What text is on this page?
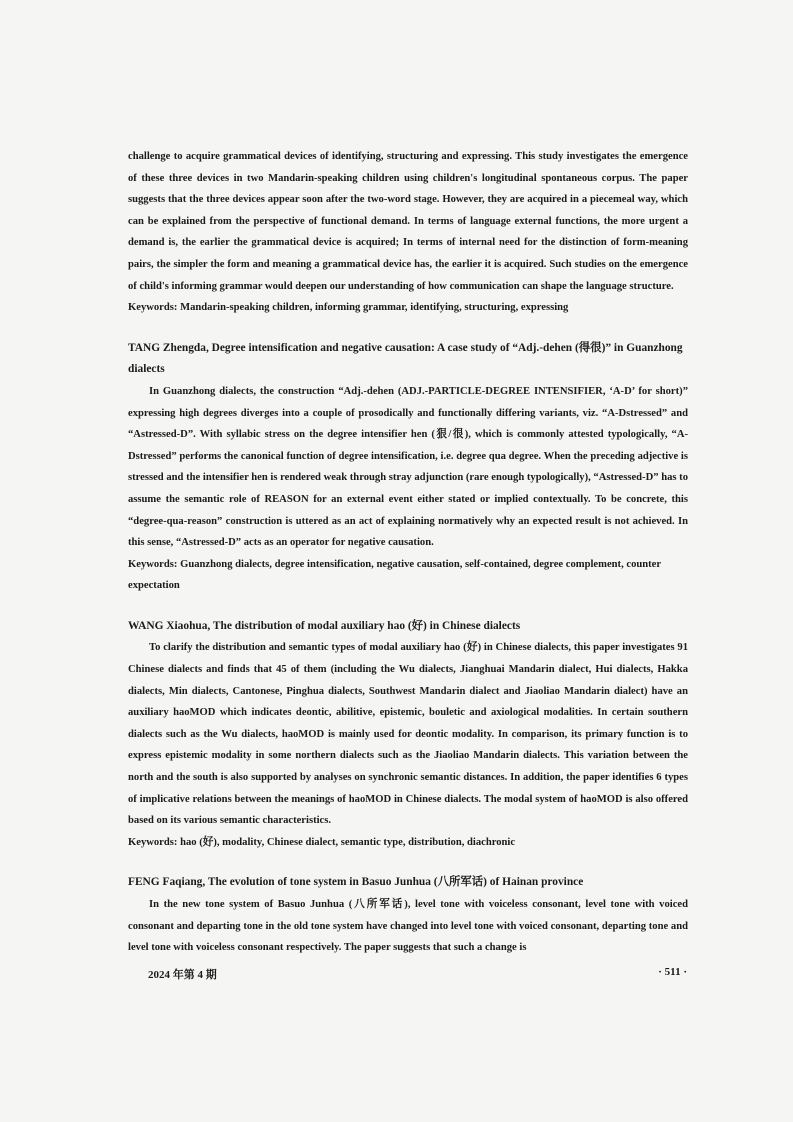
challenge to acquire grammatical devices of identifying, structuring and expressing. This study investigates the emergence of these three devices in two Mandarin-speaking children using children's longitudinal spontaneous corpus. The paper suggests that the three devices appear soon after the two-word stage. However, they are acquired in a piecemeal way, which can be explained from the perspective of functional demand. In terms of language external functions, the more urgent a demand is, the earlier the grammatical device is acquired; In terms of internal need for the distinction of form-meaning pairs, the simpler the form and meaning a grammatical device has, the earlier it is acquired. Such studies on the emergence of child's informing grammar would deepen our understanding of how communication can shape the language structure.

Keywords: Mandarin-speaking children, informing grammar, identifying, structuring, expressing

TANG Zhengda, Degree intensification and negative causation: A case study of “Adj.-dehen (得很)” in Guanzhong dialects

In Guanzhong dialects, the construction “Adj.-dehen (ADJ.-PARTICLE-DEGREE INTENSIFIER, ‘A-D’ for short)” expressing high degrees diverges into a couple of prosodically and functionally differing variants, viz. “A-Dstressed” and “Astressed-D”. With syllabic stress on the degree intensifier hen (狠/很), which is commonly attested typologically, “A-Dstressed” performs the canonical function of degree intensification, i.e. degree qua degree. When the preceding adjective is stressed and the intensifier hen is rendered weak through stray adjunction (rare enough typologically), “Astressed-D” has to assume the semantic role of REASON for an external event either stated or implied contextually. To be concrete, this “degree-qua-reason” construction is uttered as an act of explaining normatively why an expected result is not achieved. In this sense, “Astressed-D” acts as an operator for negative causation.

Keywords: Guanzhong dialects, degree intensification, negative causation, self-contained, degree complement, counter expectation

WANG Xiaohua, The distribution of modal auxiliary hao (好) in Chinese dialects

To clarify the distribution and semantic types of modal auxiliary hao (好) in Chinese dialects, this paper investigates 91 Chinese dialects and finds that 45 of them (including the Wu dialects, Jianghuai Mandarin dialect, Hui dialects, Hakka dialects, Min dialects, Cantonese, Pinghua dialects, Southwest Mandarin dialect and Jiaoliao Mandarin dialect) have an auxiliary haoMOD which indicates deontic, abilitive, epistemic, bouletic and axiological modalities. In certain southern dialects such as the Wu dialects, haoMOD is mainly used for deontic modality. In comparison, its primary function is to express epistemic modality in some northern dialects such as the Jiaoliao Mandarin dialects. This variation between the north and the south is also supported by analyses on synchronic semantic distances. In addition, the paper identifies 6 types of implicative relations between the meanings of haoMOD in Chinese dialects. The modal system of haoMOD is also offered based on its various semantic characteristics.

Keywords: hao (好), modality, Chinese dialect, semantic type, distribution, diachronic

FENG Faqiang, The evolution of tone system in Basuo Junhua (八所军话) of Hainan province

In the new tone system of Basuo Junhua (八所军话), level tone with voiceless consonant, level tone with voiced consonant and departing tone in the old tone system have changed into level tone with voiced consonant, departing tone and level tone with voiceless consonant respectively. The paper suggests that such a change is

2024 年第 4 期	· 511 ·
